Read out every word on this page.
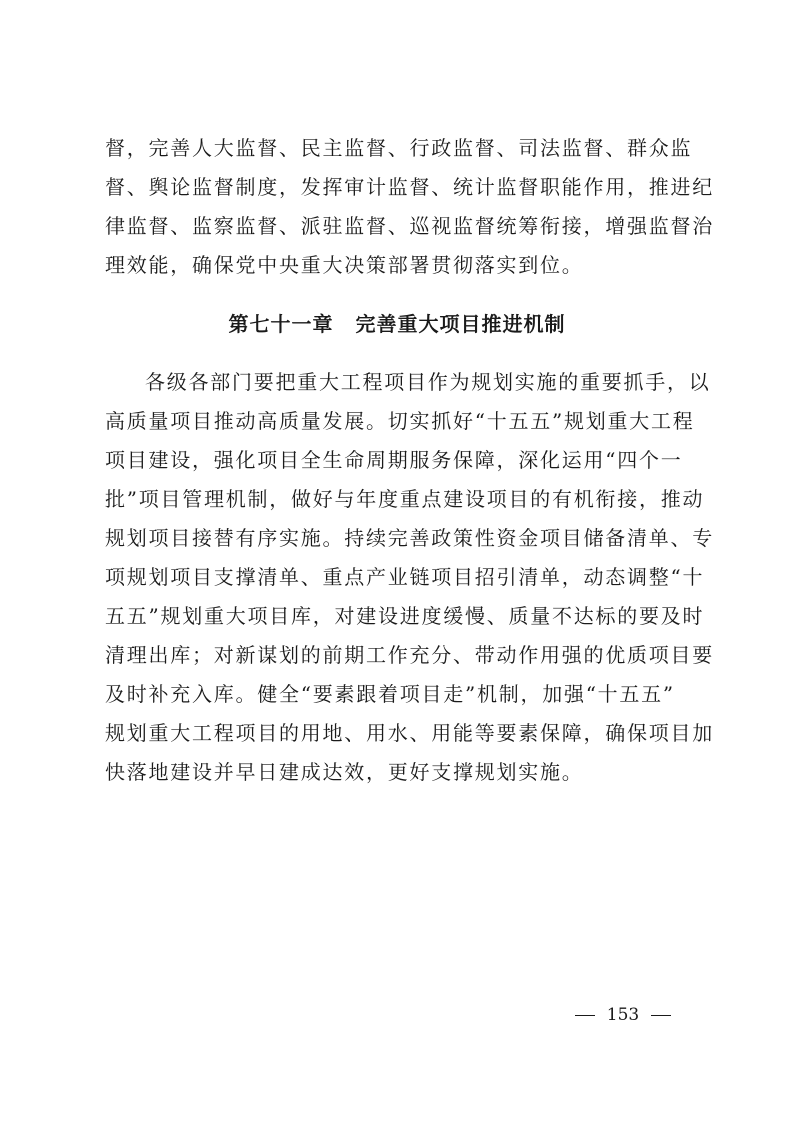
督，完善人大监督、民主监督、行政监督、司法监督、群众监
督、舆论监督制度，发挥审计监督、统计监督职能作用，推进纪
律监督、监察监督、派驻监督、巡视监督统筹衔接，增强监督治
理效能，确保党中央重大决策部署贯彻落实到位。
第七十一章 完善重大项目推进机制
各级各部门要把重大工程项目作为规划实施的重要抓手，以
高质量项目推动高质量发展。切实抓好“十五五”规划重大工程
项目建设，强化项目全生命周期服务保障，深化运用“四个一
批”项目管理机制，做好与年度重点建设项目的有机衔接，推动
规划项目接替有序实施。持续完善政策性资金项目储备清单、专
项规划项目支撑清单、重点产业链项目招引清单，动态调整“十
五五”规划重大项目库，对建设进度缓慢、质量不达标的要及时
清理出库；对新谋划的前期工作充分、带动作用强的优质项目要
及时补充入库。健全“要素跟着项目走”机制，加强“十五五”
规划重大工程项目的用地、用水、用能等要素保障，确保项目加
快落地建设并早日建成达效，更好支撑规划实施。
153
